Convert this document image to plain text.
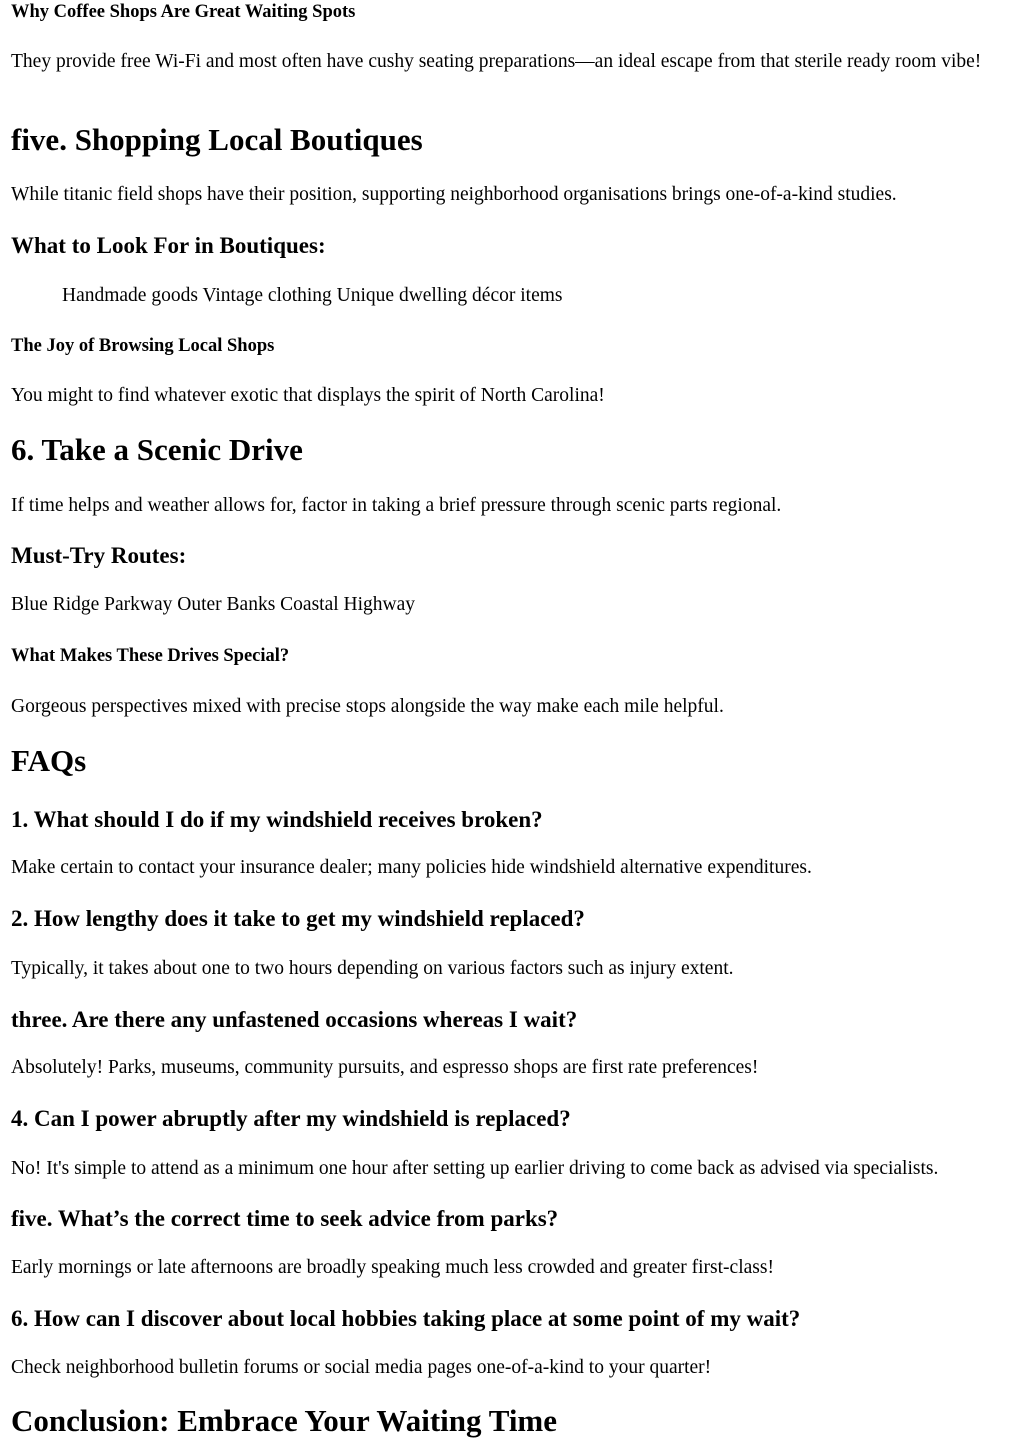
Why Coffee Shops Are Great Waiting Spots

They provide free Wi-Fi and most often have cushy seating preparations—an ideal escape from that sterile ready room vibe!

five. Shopping Local Boutiques

While titanic field shops have their position, supporting neighborhood organisations brings one-of-a-kind studies.

What to Look For in Boutiques:

Handmade goods Vintage clothing Unique dwelling décor items

The Joy of Browsing Local Shops

You might to find whatever exotic that displays the spirit of North Carolina!

6. Take a Scenic Drive

If time helps and weather allows for, factor in taking a brief pressure through scenic parts regional.

Must-Try Routes:

Blue Ridge Parkway Outer Banks Coastal Highway

What Makes These Drives Special?

Gorgeous perspectives mixed with precise stops alongside the way make each mile helpful.

FAQs
1. What should I do if my windshield receives broken?

Make certain to contact your insurance dealer; many policies hide windshield alternative expenditures.

2. How lengthy does it take to get my windshield replaced?

Typically, it takes about one to two hours depending on various factors such as injury extent.

three. Are there any unfastened occasions whereas I wait?

Absolutely! Parks, museums, community pursuits, and espresso shops are first rate preferences!

4. Can I power abruptly after my windshield is replaced?

No! It's simple to attend as a minimum one hour after setting up earlier driving to come back as advised via specialists.

five. What’s the correct time to seek advice from parks?

Early mornings or late afternoons are broadly speaking much less crowded and greater first-class!

6. How can I discover about local hobbies taking place at some point of my wait?

Check neighborhood bulletin forums or social media pages one-of-a-kind to your quarter!

Conclusion: Embrace Your Waiting Time
